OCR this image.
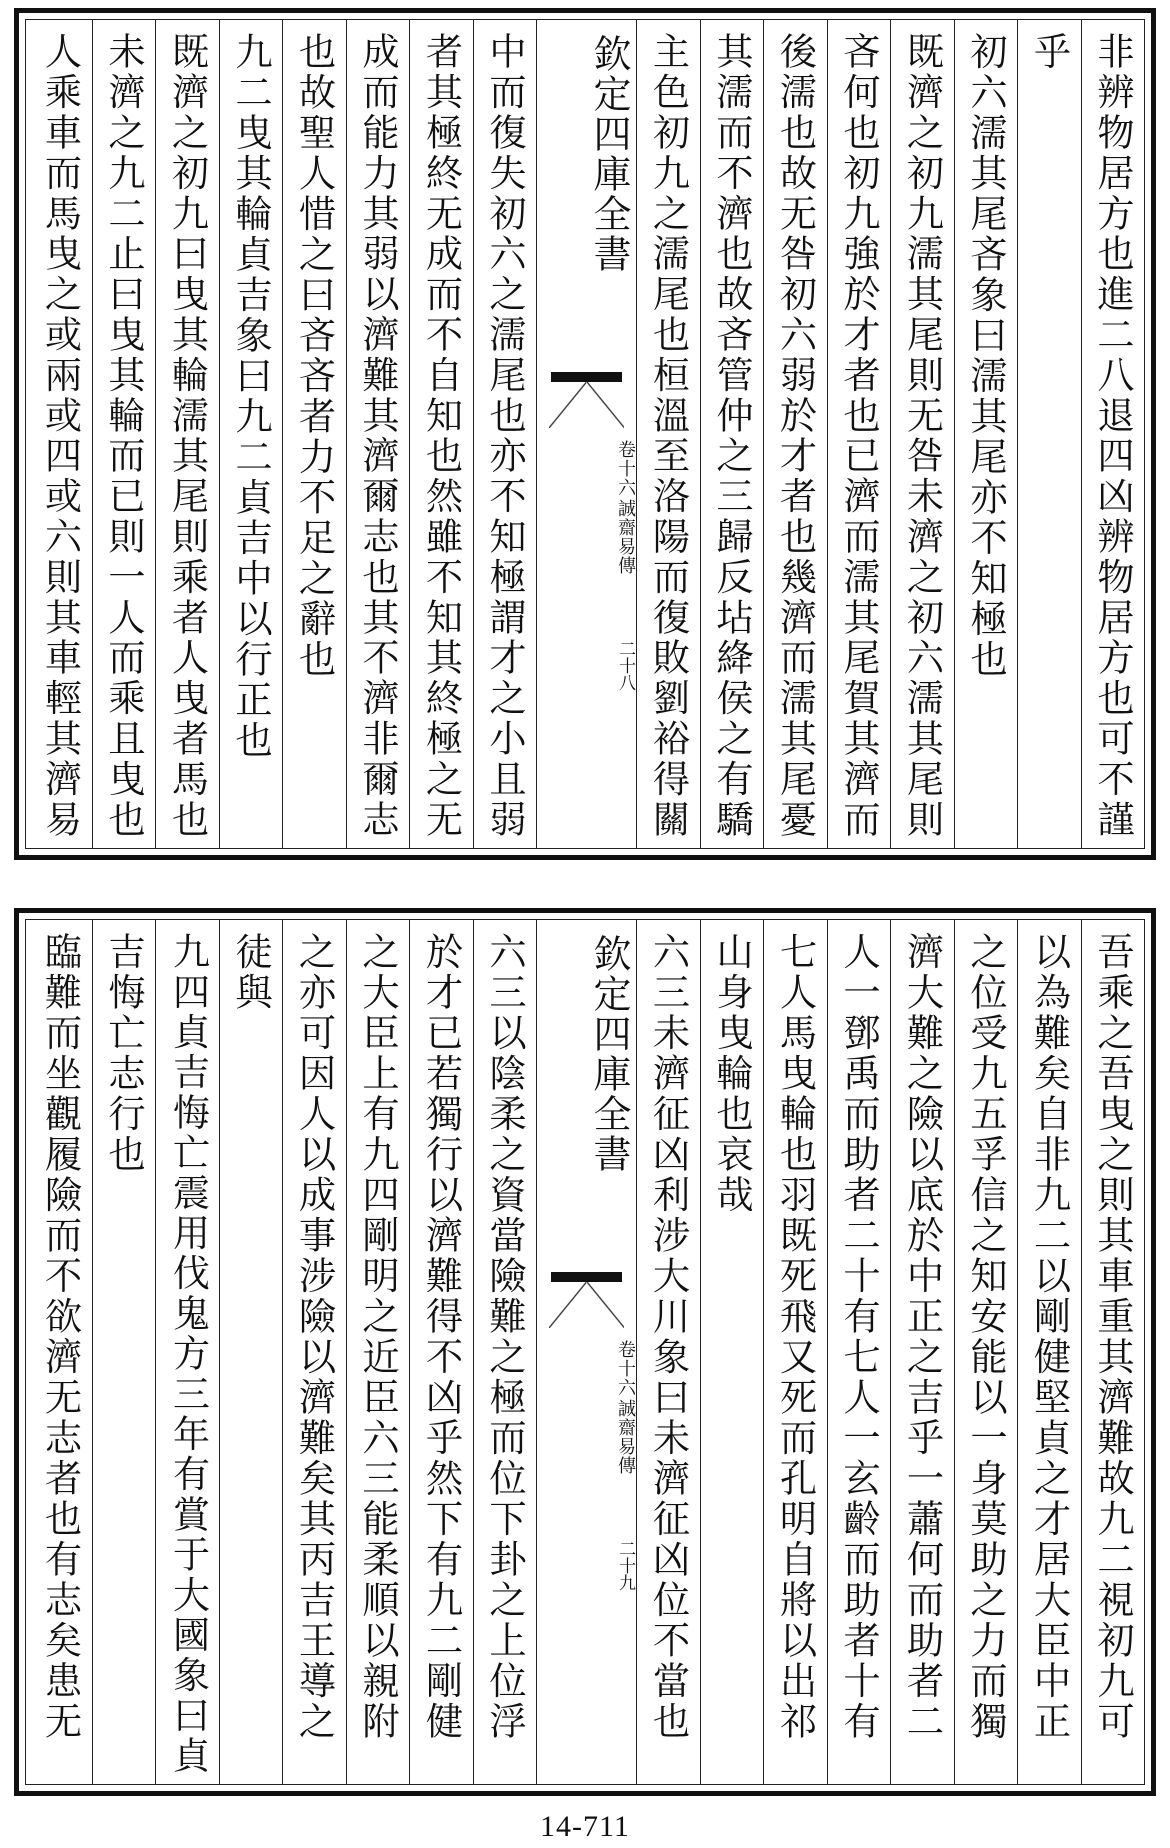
非辨物居方也進二八退四凶辨物居方也可不謹
乎
初六濡其尾吝象曰濡其尾亦不知極也
既濟之初九濡其尾則无咎未濟之初六濡其尾則
吝何也初九強於才者也已濟而濡其尾賀其濟而
後濡也故无咎初六弱於才者也幾濟而濡其尾憂
其濡而不濟也故吝管仲之三歸反坫絳侯之有驕
主色初九之濡尾也桓溫至洛陽而復敗劉裕得關
欽定四庫全書
誠齋易傳
卷十六
二十八
中而復失初六之濡尾也亦不知極謂才之小且弱
者其極終无成而不自知也然雖不知其終極之无
成而能力其弱以濟難其濟爾志也其不濟非爾志
也故聖人惜之曰吝吝者力不足之辭也
九二曳其輪貞吉象曰九二貞吉中以行正也
既濟之初九曰曳其輪濡其尾則乘者人曳者馬也
未濟之九二止曰曳其輪而已則一人而乘且曳也
人乘車而馬曳之或兩或四或六則其車輕其濟易
吾乘之吾曳之則其車重其濟難故九二視初九可
以為難矣自非九二以剛健堅貞之才居大臣中正
之位受九五孚信之知安能以一身莫助之力而獨
濟大難之險以底於中正之吉乎一蕭何而助者二
人一鄧禹而助者二十有七人一玄齡而助者十有
七人馬曳輪也羽既死飛又死而孔明自將以出祁
山身曳輪也哀哉
六三未濟征凶利涉大川象曰未濟征凶位不當也
欽定四庫全書
誠齋易傳
卷十六
二十九
六三以陰柔之資當險難之極而位下卦之上位浮
於才已若獨行以濟難得不凶乎然下有九二剛健
之大臣上有九四剛明之近臣六三能柔順以親附
之亦可因人以成事涉險以濟難矣其丙吉王導之
徒與
九四貞吉悔亡震用伐鬼方三年有賞于大國象曰貞
吉悔亡志行也
臨難而坐觀履險而不欲濟无志者也有志矣患无
14-711
